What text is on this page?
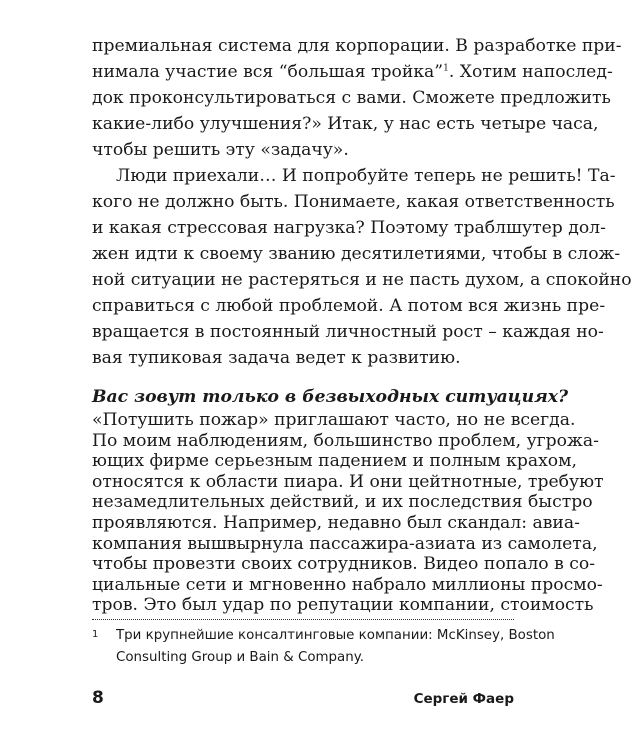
премиальная система для корпорации. В разработке при-

нимала участие вся “большая тройка”$^1$. Хотим напослед-

док проконсультироваться с вами. Сможете предложить

какие-либо улучшения?» Итак, у нас есть четыре часа,

чтобы решить эту «задачу».

Люди приехали… И попробуйте теперь не решить! Та-

кого не должно быть. Понимаете, какая ответственность

и какая стрессовая нагрузка? Поэтому траблшутер дол-

жен идти к своему званию десятилетиями, чтобы в слож-

ной ситуации не растеряться и не пасть духом, а спокойно

справиться с любой проблемой. А потом вся жизнь пре-

вращается в постоянный личностный рост – каждая но-

вая тупиковая задача ведет к развитию.

Вас зовут только в безвыходных ситуациях?

«Потушить пожар» приглашают часто, но не всегда.

По моим наблюдениям, большинство проблем, угрожа-

ющих фирме серьезным падением и полным крахом,

относятся к области пиара. И они цейтнотные, требуют

незамедлительных действий, и их последствия быстро

проявляются. Например, недавно был скандал: авиа-

компания вышвырнула пассажира-азиата из самолета,

чтобы провезти своих сотрудников. Видео попало в со-

циальные сети и мгновенно набрало миллионы просмо-

тров. Это был удар по репутации компании, стоимость

1 Три крупнейшие консалтинговые компании: McKinsey, Boston
Consulting Group и Bain & Company.
8	Сергей Фаер
